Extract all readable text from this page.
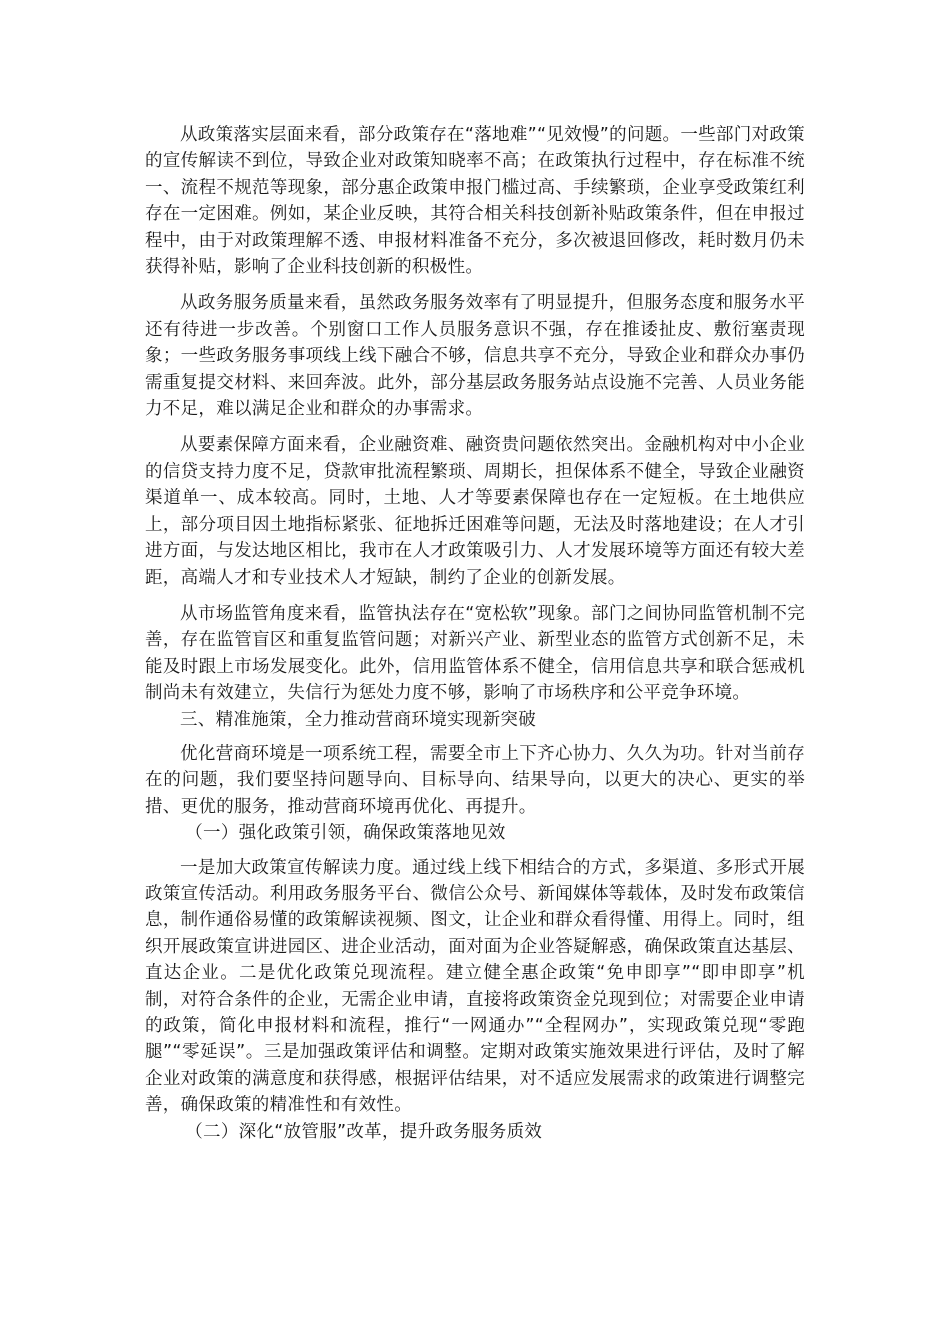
从政策落实层面来看，部分政策存在“落地难”“见效慢”的问题。一些部门对政策的宣传解读不到位，导致企业对政策知晓率不高；在政策执行过程中，存在标准不统一、流程不规范等现象，部分惠企政策申报门槛过高、手续繁琐，企业享受政策红利存在一定困难。例如，某企业反映，其符合相关科技创新补贴政策条件，但在申报过程中，由于对政策理解不透、申报材料准备不充分，多次被退回修改，耗时数月仍未获得补贴，影响了企业科技创新的积极性。

从政务服务质量来看，虽然政务服务效率有了明显提升，但服务态度和服务水平还有待进一步改善。个别窗口工作人员服务意识不强，存在推诿扯皮、敷衍塞责现象；一些政务服务事项线上线下融合不够，信息共享不充分，导致企业和群众办事仍需重复提交材料、来回奔波。此外，部分基层政务服务站点设施不完善、人员业务能力不足，难以满足企业和群众的办事需求。

从要素保障方面来看，企业融资难、融资贵问题依然突出。金融机构对中小企业的信贷支持力度不足，贷款审批流程繁琐、周期长，担保体系不健全，导致企业融资渠道单一、成本较高。同时，土地、人才等要素保障也存在一定短板。在土地供应上，部分项目因土地指标紧张、征地拆迁困难等问题，无法及时落地建设；在人才引进方面，与发达地区相比，我市在人才政策吸引力、人才发展环境等方面还有较大差距，高端人才和专业技术人才短缺，制约了企业的创新发展。

从市场监管角度来看，监管执法存在“宽松软”现象。部门之间协同监管机制不完善，存在监管盲区和重复监管问题；对新兴产业、新型业态的监管方式创新不足，未能及时跟上市场发展变化。此外，信用监管体系不健全，信用信息共享和联合惩戒机制尚未有效建立，失信行为惩处力度不够，影响了市场秩序和公平竞争环境。

三、精准施策，全力推动营商环境实现新突破

优化营商环境是一项系统工程，需要全市上下齐心协力、久久为功。针对当前存在的问题，我们要坚持问题导向、目标导向、结果导向，以更大的决心、更实的举措、更优的服务，推动营商环境再优化、再提升。

（一）强化政策引领，确保政策落地见效

一是加大政策宣传解读力度。通过线上线下相结合的方式，多渠道、多形式开展政策宣传活动。利用政务服务平台、微信公众号、新闻媒体等载体，及时发布政策信息，制作通俗易懂的政策解读视频、图文，让企业和群众看得懂、用得上。同时，组织开展政策宣讲进园区、进企业活动，面对面为企业答疑解惑，确保政策直达基层、直达企业。二是优化政策兑现流程。建立健全惠企政策“免申即享”“即申即享”机制，对符合条件的企业，无需企业申请，直接将政策资金兑现到位；对需要企业申请的政策，简化申报材料和流程，推行“一网通办”“全程网办”，实现政策兑现“零跑腿”“零延误”。三是加强政策评估和调整。定期对政策实施效果进行评估，及时了解企业对政策的满意度和获得感，根据评估结果，对不适应发展需求的政策进行调整完善，确保政策的精准性和有效性。

（二）深化“放管服”改革，提升政务服务质效
